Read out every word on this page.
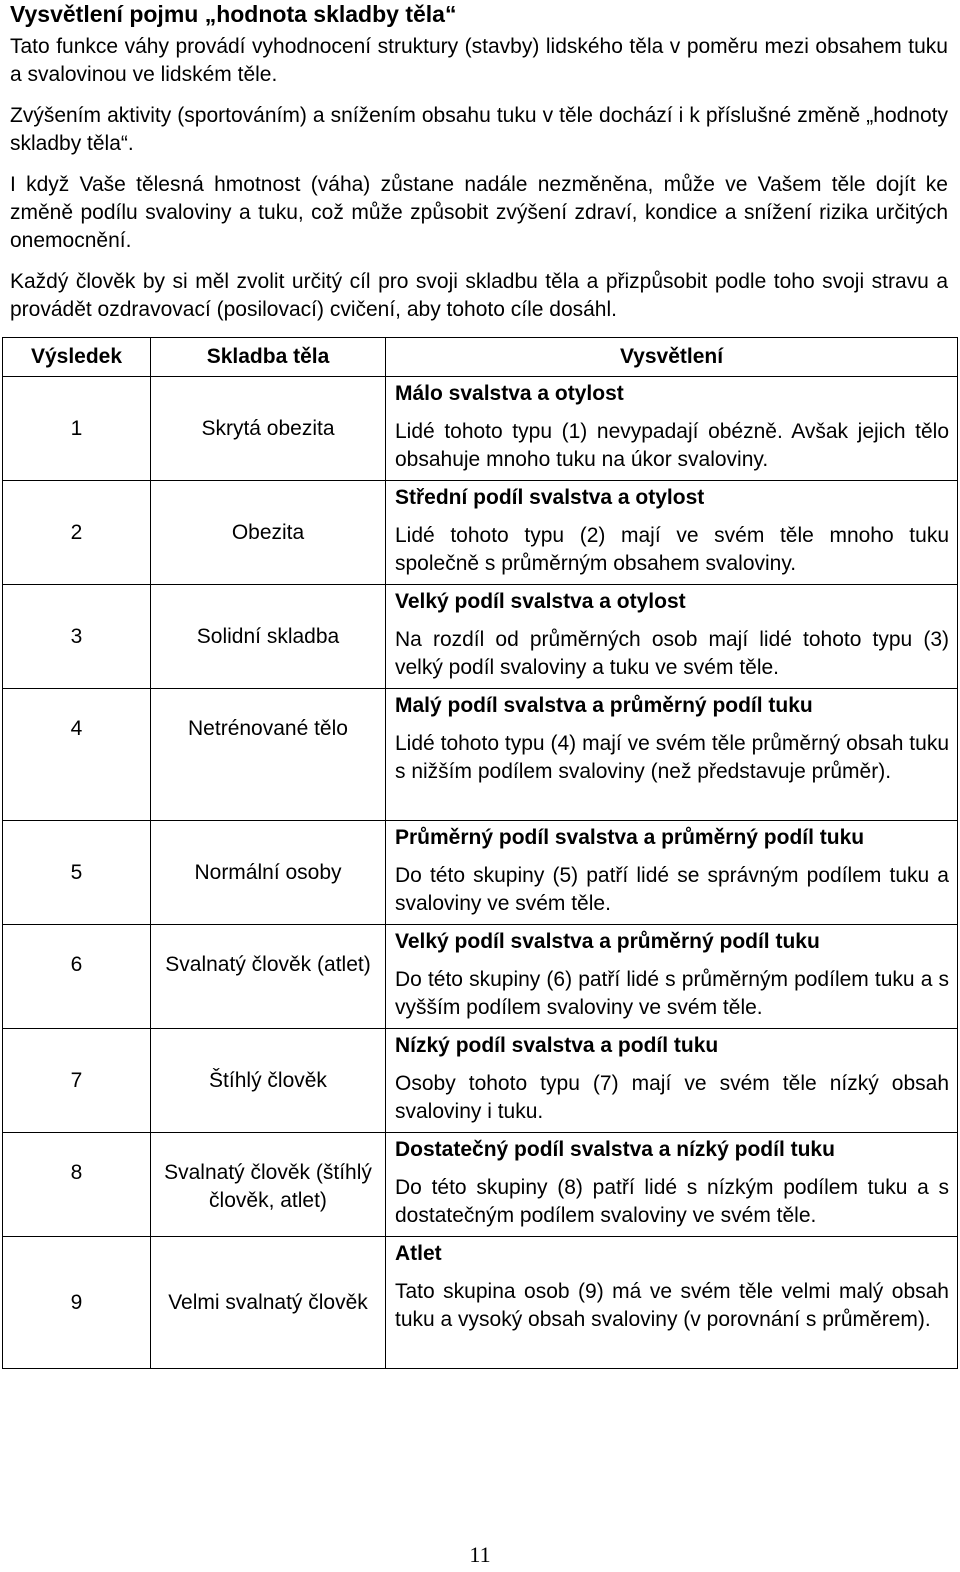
Vysvětlení pojmu „hodnota skladby těla“

Tato funkce váhy provádí vyhodnocení struktury (stavby) lidského těla v poměru mezi obsahem tuku a svalovinou ve lidském těle.

Zvýšením aktivity (sportováním) a snížením obsahu tuku v těle dochází i k příslušné změně „hodnoty skladby těla“.

I když Vaše tělesná hmotnost (váha) zůstane nadále nezměněna, může ve Vašem těle dojít ke změně podílu svaloviny a tuku, což může způsobit zvýšení zdraví, kondice a snížení rizika určitých onemocnění.

Každý člověk by si měl zvolit určitý cíl pro svoji skladbu těla a přizpůsobit podle toho svoji stravu a provádět ozdravovací (posilovací) cvičení, aby tohoto cíle dosáhl.

Výsledek	Skladba těla	Vysvětlení
1	Skrytá obezita	Málo svalstva a otylost
Lidé tohoto typu (1) nevypadají obézně. Avšak jejich tělo obsahuje mnoho tuku na úkor svaloviny.

2	Obezita	Střední podíl svalstva a otylost
Lidé tohoto typu (2) mají ve svém těle mnoho tuku společně s průměrným obsahem svaloviny.

3	Solidní skladba	Velký podíl svalstva a otylost
Na rozdíl od průměrných osob mají lidé tohoto typu (3) velký podíl svaloviny a tuku ve svém těle.

4	Netrénované tělo	Malý podíl svalstva a průměrný podíl tuku
Lidé tohoto typu (4) mají ve svém těle průměrný obsah tuku s nižším podílem svaloviny (než představuje průměr).

5	Normální osoby	Průměrný podíl svalstva a průměrný podíl tuku
Do této skupiny (5) patří lidé se správným podílem tuku a svaloviny ve svém těle.

6	Svalnatý člověk (atlet)	Velký podíl svalstva a průměrný podíl tuku
Do této skupiny (6) patří lidé s průměrným podílem tuku a s vyšším podílem svaloviny ve svém těle.

7	Štíhlý člověk	Nízký podíl svalstva a podíl tuku
Osoby tohoto typu (7) mají ve svém těle nízký obsah svaloviny i tuku.

8	Svalnatý člověk (štíhlý člověk, atlet)	Dostatečný podíl svalstva a nízký podíl tuku
Do této skupiny (8) patří lidé s nízkým podílem tuku a s dostatečným podílem svaloviny ve svém těle.

9	Velmi svalnatý člověk	Atlet
Tato skupina osob (9) má ve svém těle velmi malý obsah tuku a vysoký obsah svaloviny (v porovnání s průměrem).
11
